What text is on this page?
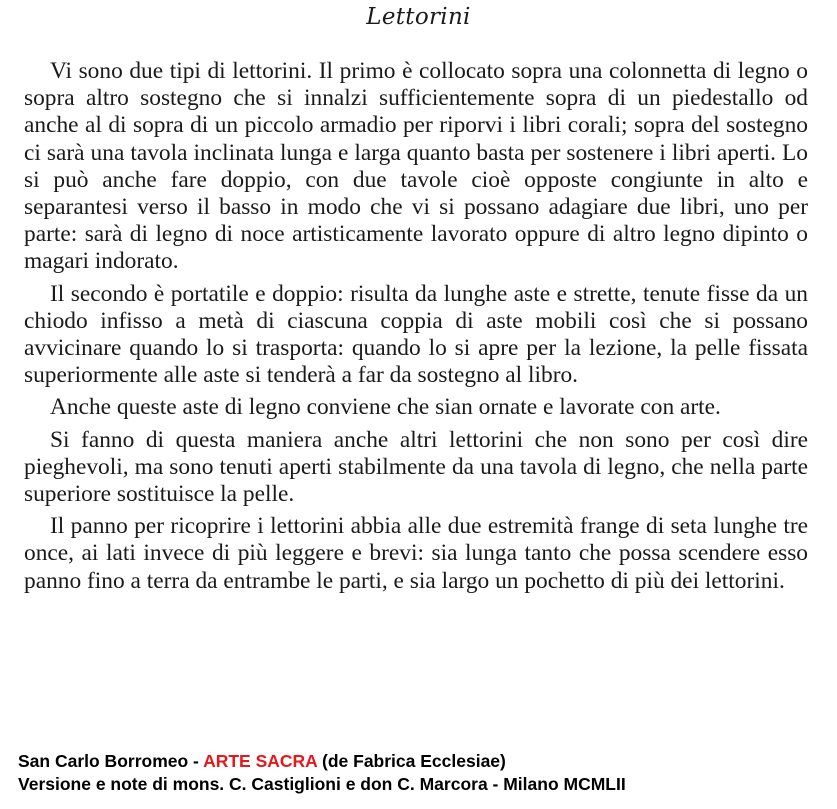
Lettorini

Vi sono due tipi di lettorini. Il primo è collocato sopra una colonnetta di legno o sopra altro sostegno che si innalzi sufficientemente sopra di un piedestallo od anche al di sopra di un piccolo armadio per riporvi i libri corali; sopra del sostegno ci sarà una tavola inclinata lunga e larga quanto basta per sostenere i libri aperti. Lo si può anche fare doppio, con due tavole cioè opposte congiunte in alto e separantesi verso il basso in modo che vi si possano adagiare due libri, uno per parte: sarà di legno di noce artisticamente lavorato oppure di altro legno dipinto o magari indorato.

Il secondo è portatile e doppio: risulta da lunghe aste e strette, tenute fisse da un chiodo infisso a metà di ciascuna coppia di aste mobili così che si possano avvicinare quando lo si trasporta: quando lo si apre per la lezione, la pelle fissata superiormente alle aste si tenderà a far da sostegno al libro.

Anche queste aste di legno conviene che sian ornate e lavorate con arte.

Si fanno di questa maniera anche altri lettorini che non sono per così dire pieghevoli, ma sono tenuti aperti stabilmente da una tavola di legno, che nella parte superiore sostituisce la pelle.

Il panno per ricoprire i lettorini abbia alle due estremità frange di seta lunghe tre once, ai lati invece di più leggere e brevi: sia lunga tanto che possa scendere esso panno fino a terra da entrambe le parti, e sia largo un pochetto di più dei lettorini.

San Carlo Borromeo - ARTE SACRA (de Fabrica Ecclesiae)
Versione e note di mons. C. Castiglioni e don C. Marcora - Milano MCMLII
